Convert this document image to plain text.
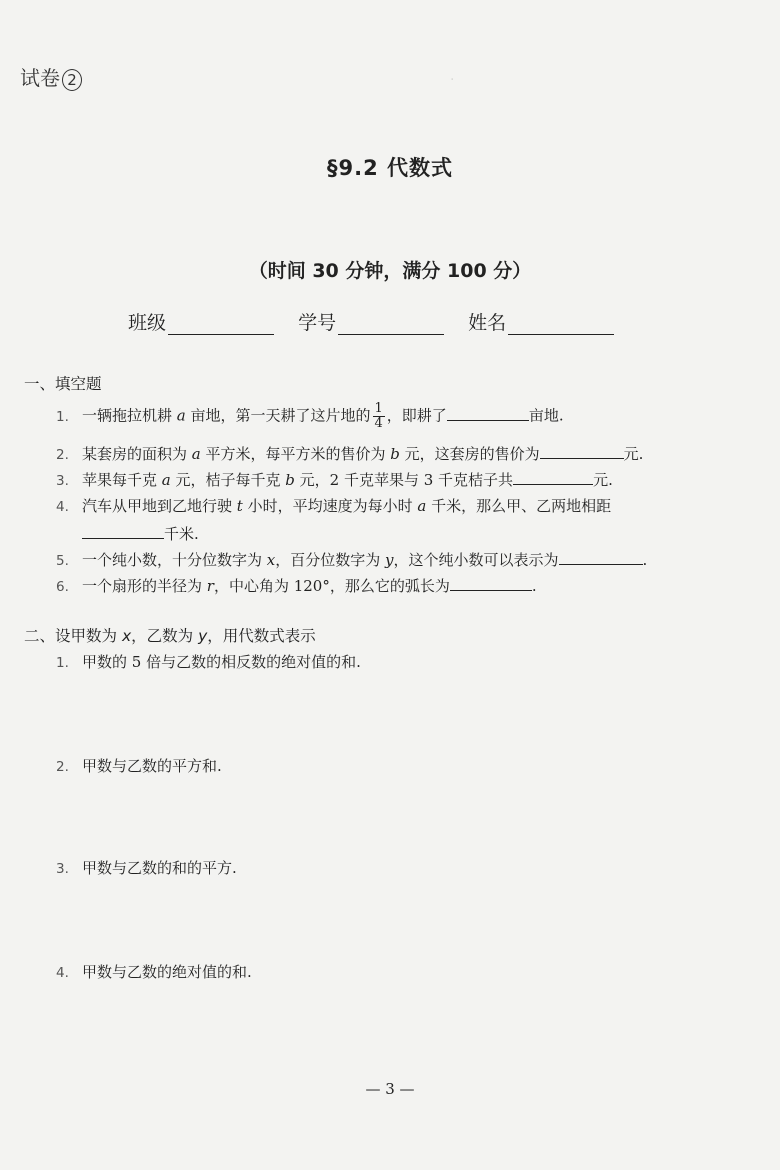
.
试卷 2
§9.2 代数式
（时间 30 分钟，满分 100 分）
班级	学号	姓名
一、填空题
1. 一辆拖拉机耕 a 亩地，第一天耕了这片地的 $\frac{1}{4}$ ，即耕了	亩地.
2. 某套房的面积为 a 平方米，每平方米的售价为 b 元，这套房的售价为	元.
3. 苹果每千克 a 元，桔子每千克 b 元，2 千克苹果与 3 千克桔子共	元.
4. 汽车从甲地到乙地行驶 t 小时，平均速度为每小时 a 千米，那么甲、乙两地相距
千米.
5. 一个纯小数，十分位数字为 x，百分位数字为 y，这个纯小数可以表示为	.
6. 一个扇形的半径为 r，中心角为 120°，那么它的弧长为	.
二、设甲数为 x，乙数为 y，用代数式表示
1. 甲数的 5 倍与乙数的相反数的绝对值的和.
2. 甲数与乙数的平方和.
3. 甲数与乙数的和的平方.
4. 甲数与乙数的绝对值的和.
— 3 —
